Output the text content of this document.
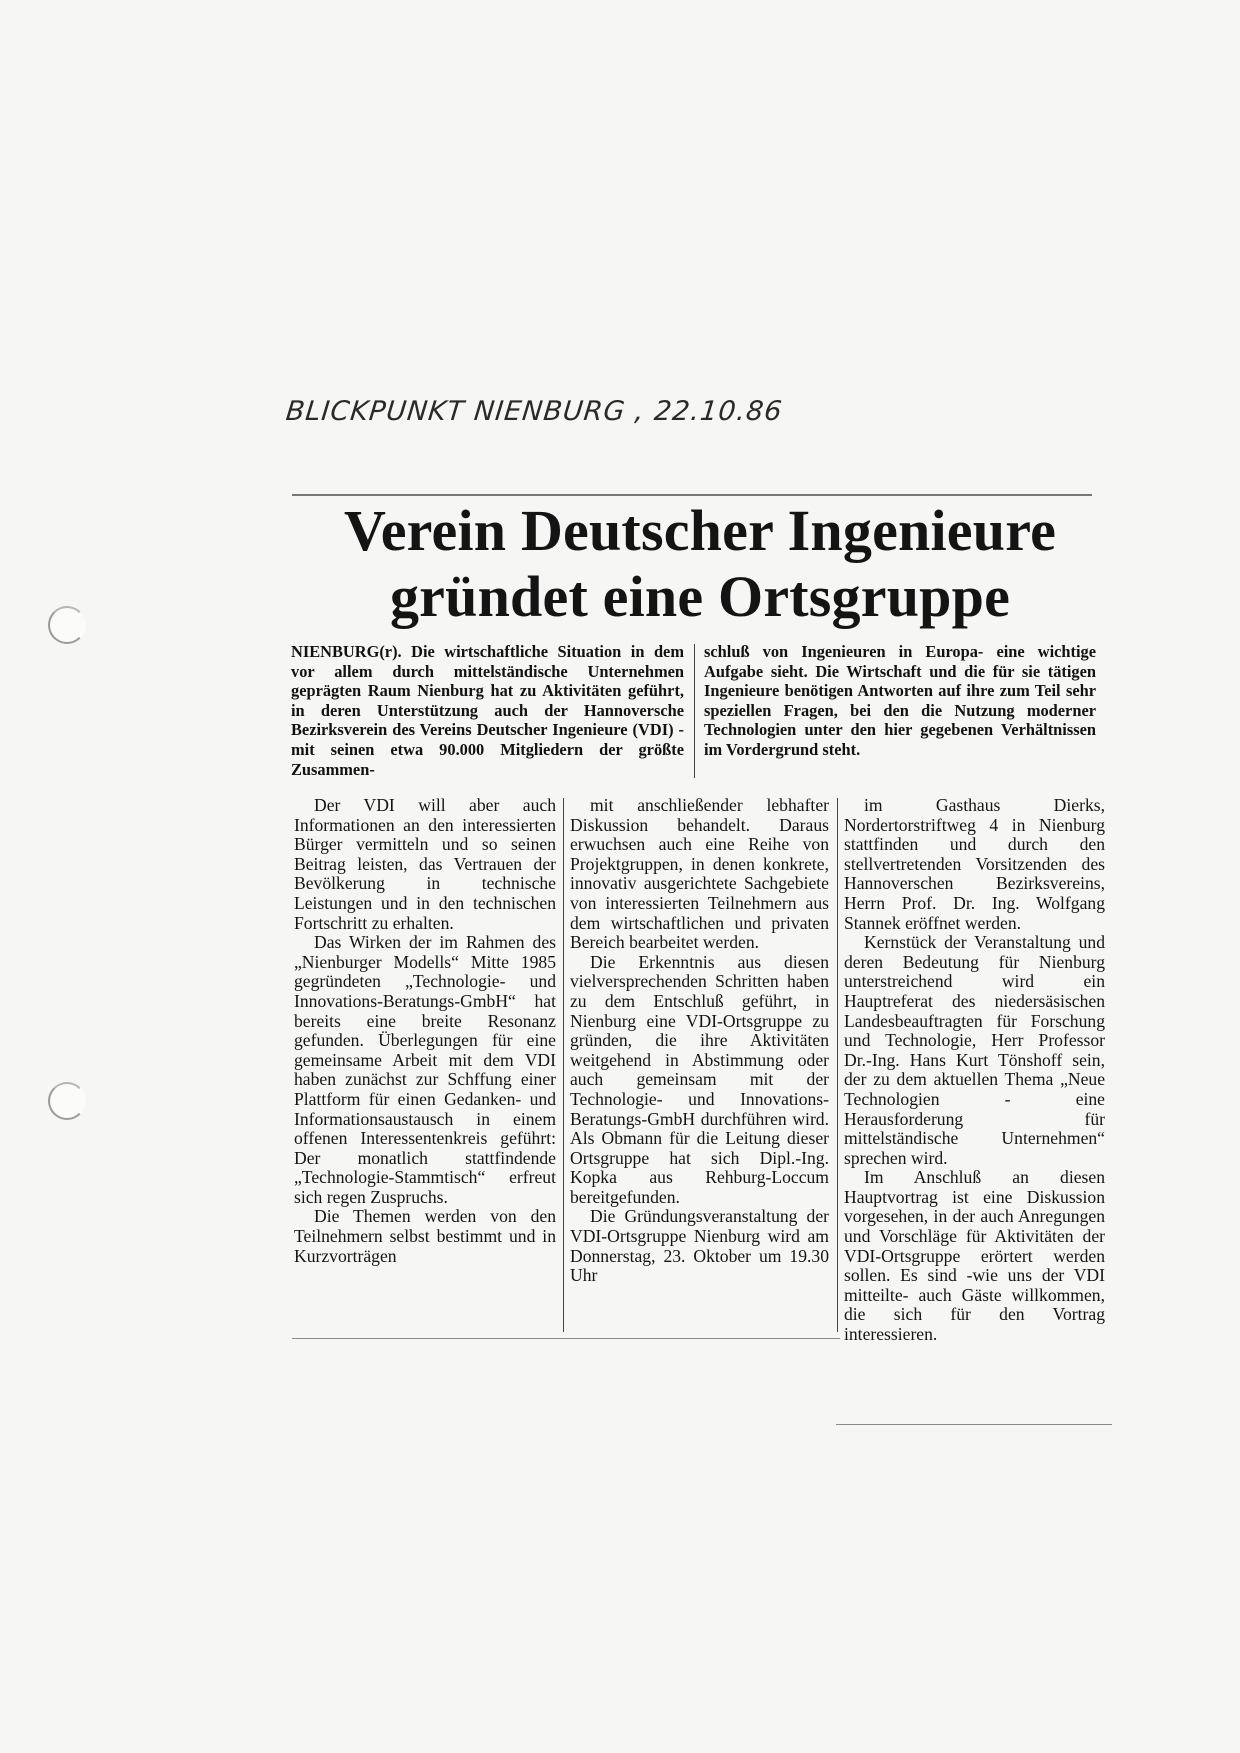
BLICKPUNKT NIENBURG , 22.10.86
Verein Deutscher Ingenieure
gründet eine Ortsgruppe
NIENBURG(r). Die wirtschaftliche Situation in dem vor allem durch mittelständische Unternehmen geprägten Raum Nienburg hat zu Aktivitäten geführt, in deren Unterstützung auch der Hannoversche Bezirksverein des Vereins Deutscher Ingenieure (VDI) -mit seinen etwa 90.000 Mitgliedern der größte Zusammen-
schluß von Ingenieuren in Europa- eine wichtige Aufgabe sieht. Die Wirtschaft und die für sie tätigen Ingenieure benötigen Antworten auf ihre zum Teil sehr speziellen Fragen, bei den die Nutzung moderner Technologien unter den hier gegebenen Verhältnissen im Vordergrund steht.

Der VDI will aber auch Informationen an den interessierten Bürger vermitteln und so seinen Beitrag leisten, das Vertrauen der Bevölkerung in technische Leistungen und in den technischen Fortschritt zu erhalten.

Das Wirken der im Rahmen des „Nienburger Modells“ Mitte 1985 gegründeten „Technologie- und Innovations-Beratungs-GmbH“ hat bereits eine breite Resonanz gefunden. Überlegungen für eine gemeinsame Arbeit mit dem VDI haben zunächst zur Schffung einer Plattform für einen Gedanken- und Informationsaustausch in einem offenen Interessentenkreis geführt: Der monatlich stattfindende „Technologie-Stammtisch“ erfreut sich regen Zuspruchs.

Die Themen werden von den Teilnehmern selbst bestimmt und in Kurzvorträgen

mit anschließender lebhafter Diskussion behandelt. Daraus erwuchsen auch eine Reihe von Projektgruppen, in denen konkrete, innovativ ausgerichtete Sachgebiete von interessierten Teilnehmern aus dem wirtschaftlichen und privaten Bereich bearbeitet werden.

Die Erkenntnis aus diesen vielversprechenden Schritten haben zu dem Entschluß geführt, in Nienburg eine VDI-Ortsgruppe zu gründen, die ihre Aktivitäten weitgehend in Abstimmung oder auch gemeinsam mit der Technologie- und Innovations-Beratungs-GmbH durchführen wird. Als Obmann für die Leitung dieser Ortsgruppe hat sich Dipl.-Ing. Kopka aus Rehburg-Loccum bereitgefunden.

Die Gründungsveranstaltung der VDI-Ortsgruppe Nienburg wird am Donnerstag, 23. Oktober um 19.30 Uhr

im Gasthaus Dierks, Nordertorstriftweg 4 in Nienburg stattfinden und durch den stellvertretenden Vorsitzenden des Hannoverschen Bezirksvereins, Herrn Prof. Dr. Ing. Wolfgang Stannek eröffnet werden.

Kernstück der Veranstaltung und deren Bedeutung für Nienburg unterstreichend wird ein Hauptreferat des niedersäsischen Landesbeauftragten für Forschung und Technologie, Herr Professor Dr.-Ing. Hans Kurt Tönshoff sein, der zu dem aktuellen Thema „Neue Technologien - eine Herausforderung für mittelständische Unternehmen“ sprechen wird.

Im Anschluß an diesen Hauptvortrag ist eine Diskussion vorgesehen, in der auch Anregungen und Vorschläge für Aktivitäten der VDI-Ortsgruppe erörtert werden sollen. Es sind -wie uns der VDI mitteilte- auch Gäste willkommen, die sich für den Vortrag interessieren.
